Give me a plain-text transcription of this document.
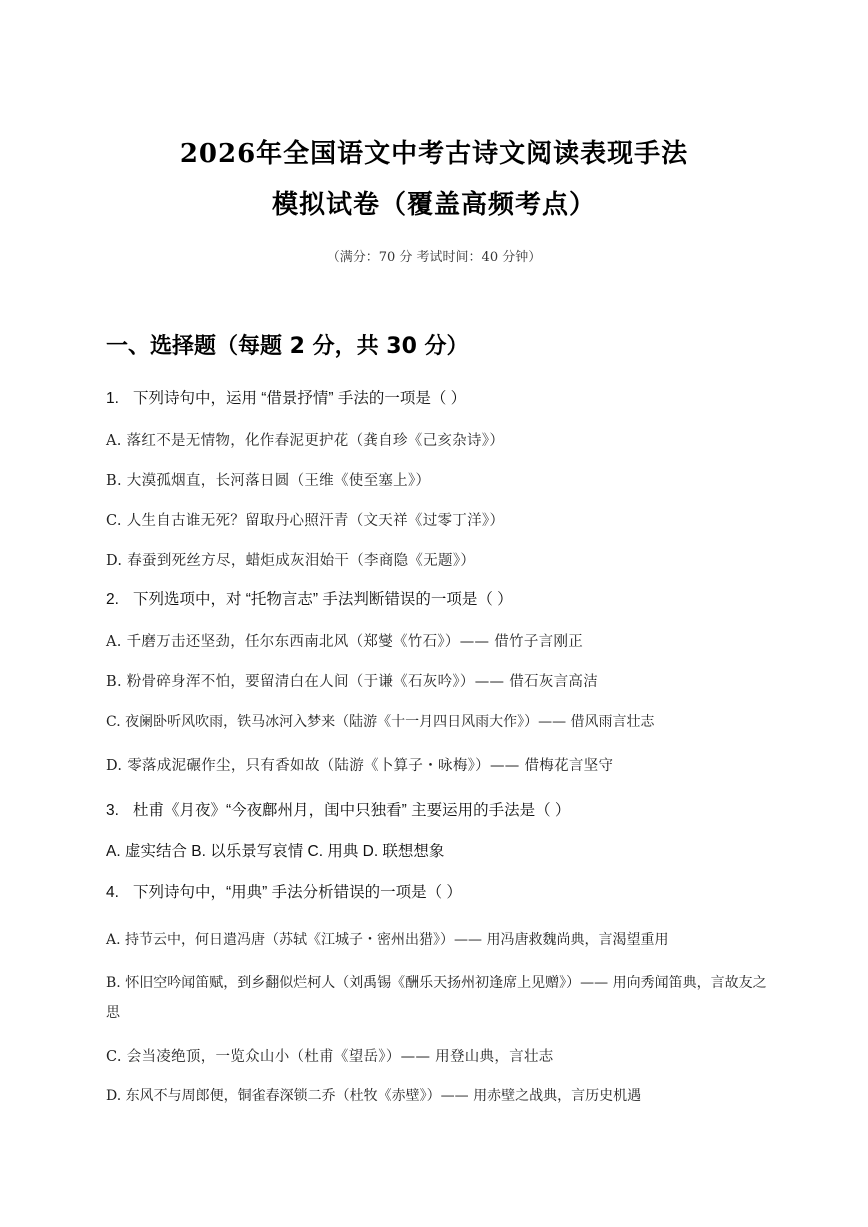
2026年全国语文中考古诗文阅读表现手法
模拟试卷（覆盖高频考点）
（满分：70 分 考试时间：40 分钟）
一、选择题（每题 2 分，共 30 分）
1. 下列诗句中，运用 “借景抒情” 手法的一项是（ ）
A. 落红不是无情物，化作春泥更护花（龚自珍《己亥杂诗》）
B. 大漠孤烟直，长河落日圆（王维《使至塞上》）
C. 人生自古谁无死？留取丹心照汗青（文天祥《过零丁洋》）
D. 春蚕到死丝方尽，蜡炬成灰泪始干（李商隐《无题》）
2. 下列选项中，对 “托物言志” 手法判断错误的一项是（ ）
A. 千磨万击还坚劲，任尔东西南北风（郑燮《竹石》）—— 借竹子言刚正
B. 粉骨碎身浑不怕，要留清白在人间（于谦《石灰吟》）—— 借石灰言高洁
C. 夜阑卧听风吹雨，铁马冰河入梦来（陆游《十一月四日风雨大作》）—— 借风雨言壮志
D. 零落成泥碾作尘，只有香如故（陆游《卜算子・咏梅》）—— 借梅花言坚守
3. 杜甫《月夜》“今夜鄜州月，闺中只独看” 主要运用的手法是（ ）
A. 虚实结合 B. 以乐景写哀情 C. 用典 D. 联想想象
4. 下列诗句中，“用典” 手法分析错误的一项是（ ）
A. 持节云中，何日遣冯唐（苏轼《江城子・密州出猎》）—— 用冯唐救魏尚典，言渴望重用
B. 怀旧空吟闻笛赋，到乡翻似烂柯人（刘禹锡《酬乐天扬州初逢席上见赠》）—— 用向秀闻笛典，言故友之思
C. 会当凌绝顶，一览众山小（杜甫《望岳》）—— 用登山典，言壮志
D. 东风不与周郎便，铜雀春深锁二乔（杜牧《赤壁》）—— 用赤壁之战典，言历史机遇
